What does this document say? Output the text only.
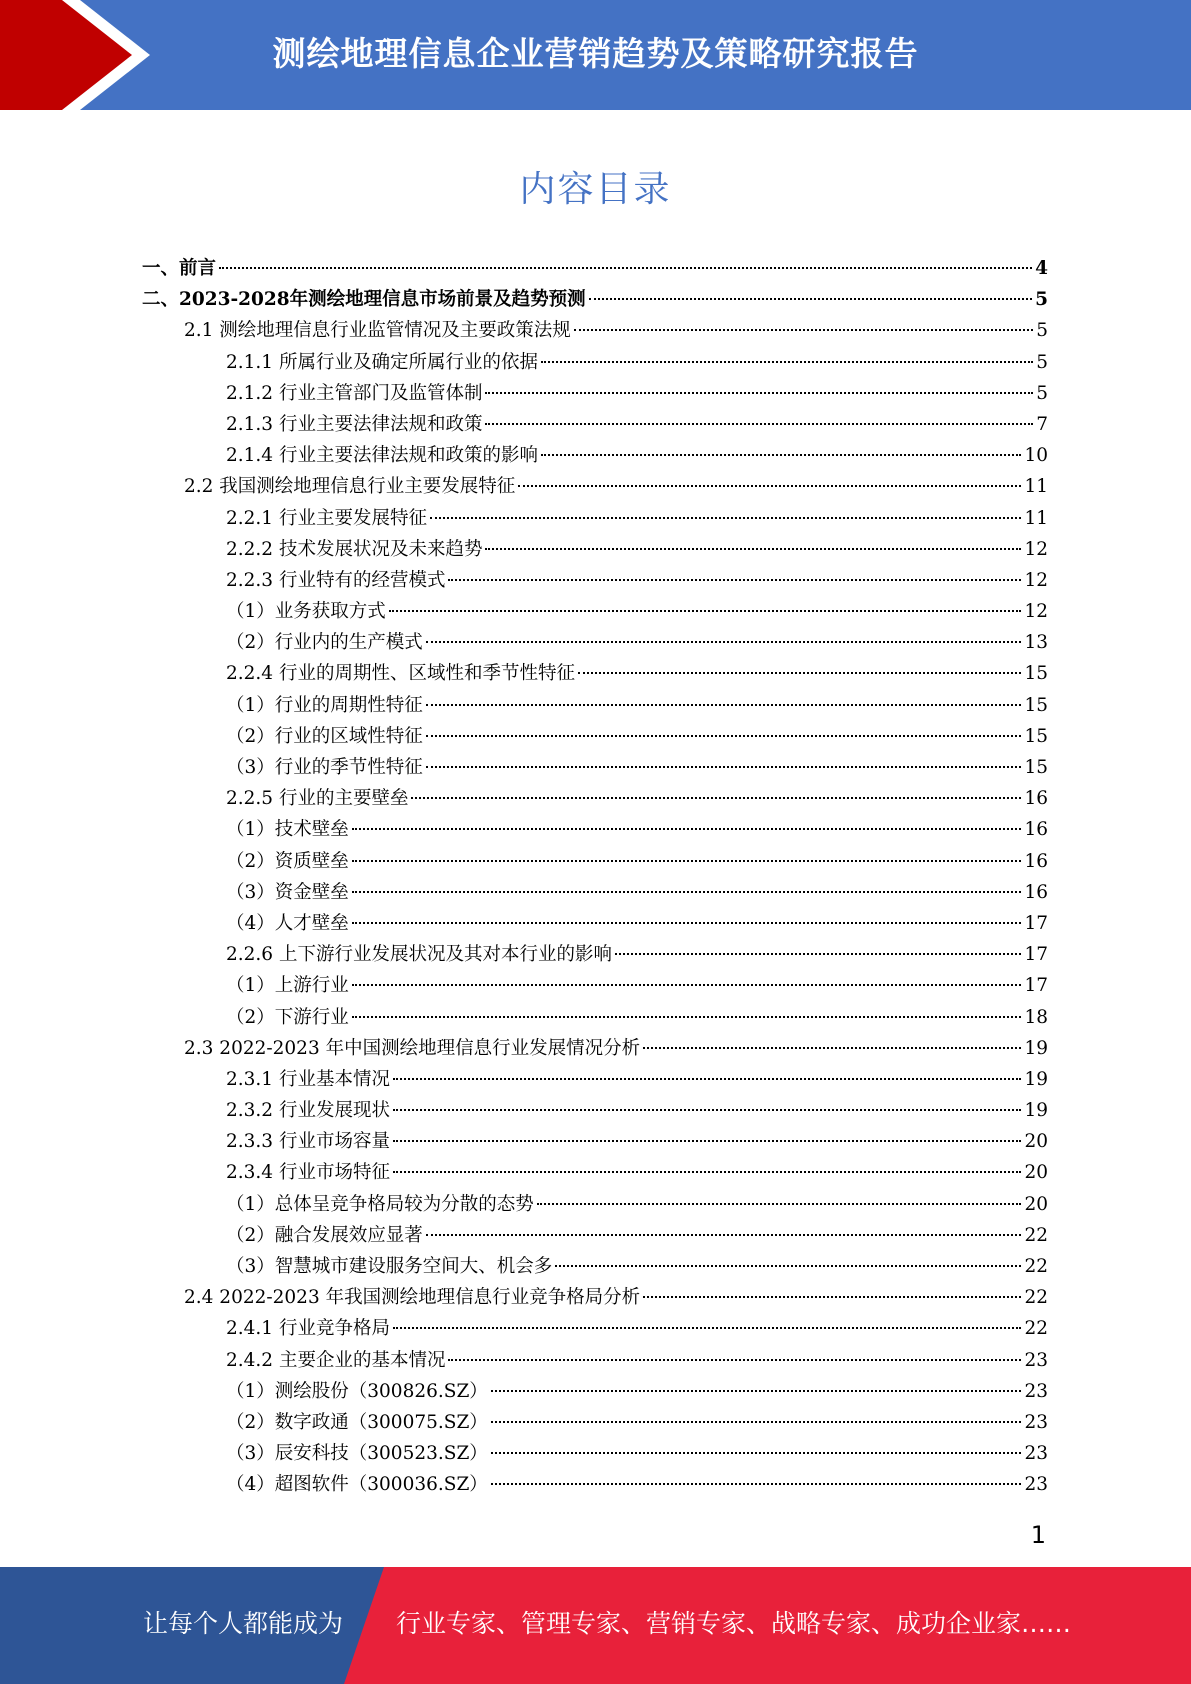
测绘地理信息企业营销趋势及策略研究报告
内容目录
一、前言	4
二、2023-2028年测绘地理信息市场前景及趋势预测	5
2.1 测绘地理信息行业监管情况及主要政策法规	5
2.1.1 所属行业及确定所属行业的依据	5
2.1.2 行业主管部门及监管体制	5
2.1.3 行业主要法律法规和政策	7
2.1.4 行业主要法律法规和政策的影响	10
2.2 我国测绘地理信息行业主要发展特征	11
2.2.1 行业主要发展特征	11
2.2.2 技术发展状况及未来趋势	12
2.2.3 行业特有的经营模式	12
（1）业务获取方式	12
（2）行业内的生产模式	13
2.2.4 行业的周期性、区域性和季节性特征	15
（1）行业的周期性特征	15
（2）行业的区域性特征	15
（3）行业的季节性特征	15
2.2.5 行业的主要壁垒	16
（1）技术壁垒	16
（2）资质壁垒	16
（3）资金壁垒	16
（4）人才壁垒	17
2.2.6 上下游行业发展状况及其对本行业的影响	17
（1）上游行业	17
（2）下游行业	18
2.3 2022-2023 年中国测绘地理信息行业发展情况分析	19
2.3.1 行业基本情况	19
2.3.2 行业发展现状	19
2.3.3 行业市场容量	20
2.3.4 行业市场特征	20
（1）总体呈竞争格局较为分散的态势	20
（2）融合发展效应显著	22
（3）智慧城市建设服务空间大、机会多	22
2.4 2022-2023 年我国测绘地理信息行业竞争格局分析	22
2.4.1 行业竞争格局	22
2.4.2 主要企业的基本情况	23
（1）测绘股份（300826.SZ）	23
（2）数字政通（300075.SZ）	23
（3）辰安科技（300523.SZ）	23
（4）超图软件（300036.SZ）	23
1
让每个人都能成为 行业专家、管理专家、营销专家、战略专家、成功企业家……
